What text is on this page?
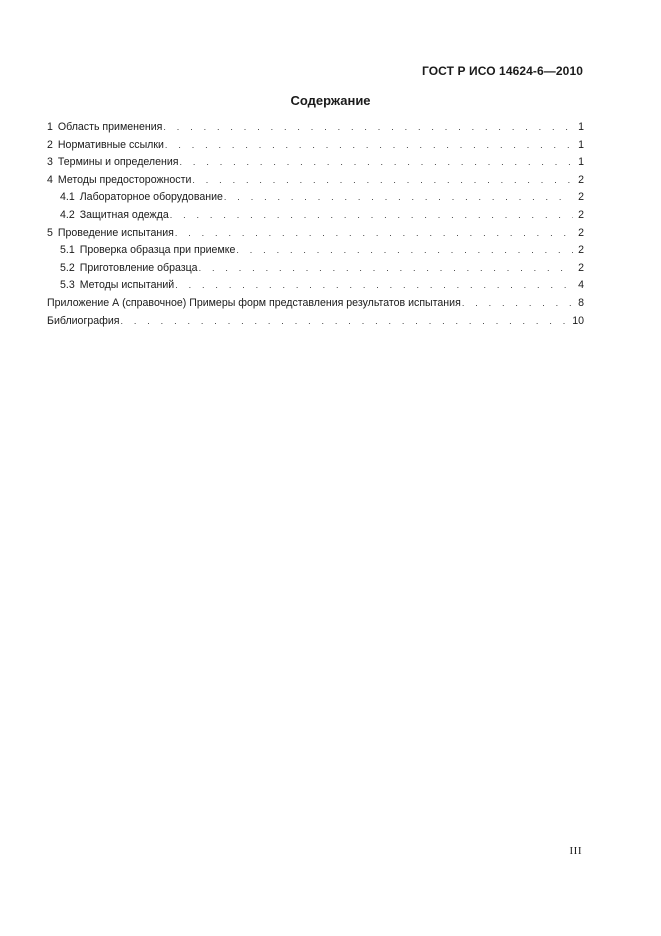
ГОСТ Р ИСО 14624-6—2010
Содержание
1 Область применения . . .	1
2 Нормативные ссылки . . .	1
3 Термины и определения . . .	1
4 Методы предосторожности . . .	2
4.1 Лабораторное оборудование . . .	2
4.2 Защитная одежда . . .	2
5 Проведение испытания . . .	2
5.1 Проверка образца при приемке . . .	2
5.2 Приготовление образца . . .	2
5.3 Методы испытаний . . .	4
Приложение А (справочное) Примеры форм представления результатов испытания . . .	8
Библиография . . .	10
III
